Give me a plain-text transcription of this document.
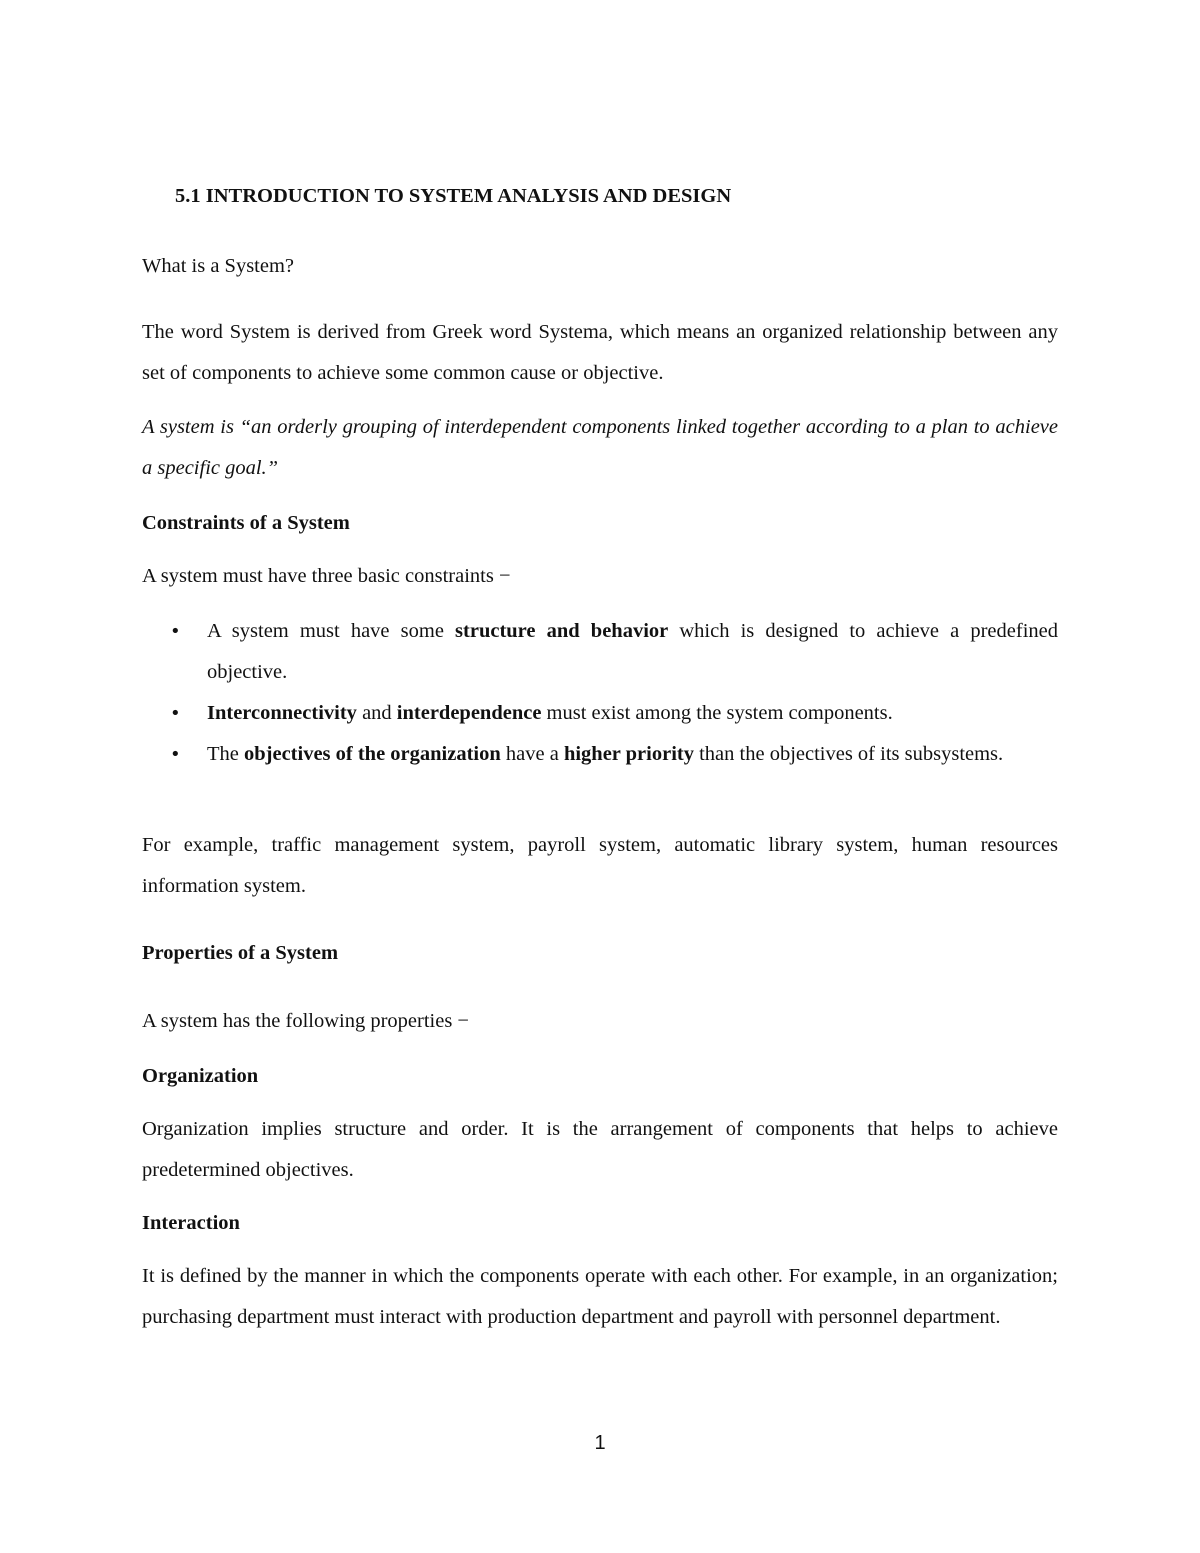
5.1 INTRODUCTION TO SYSTEM ANALYSIS AND DESIGN

What is a System?

The word System is derived from Greek word Systema, which means an organized relationship between any set of components to achieve some common cause or objective.

A system is “an orderly grouping of interdependent components linked together according to a plan to achieve a specific goal.”

Constraints of a System

A system must have three basic constraints −

• A system must have some structure and behavior which is designed to achieve a predefined objective.
• Interconnectivity and interdependence must exist among the system components.
• The objectives of the organization have a higher priority than the objectives of its subsystems.

For example, traffic management system, payroll system, automatic library system, human resources information system.

Properties of a System

A system has the following properties −

Organization

Organization implies structure and order. It is the arrangement of components that helps to achieve predetermined objectives.

Interaction

It is defined by the manner in which the components operate with each other. For example, in an organization; purchasing department must interact with production department and payroll with personnel department.

1
